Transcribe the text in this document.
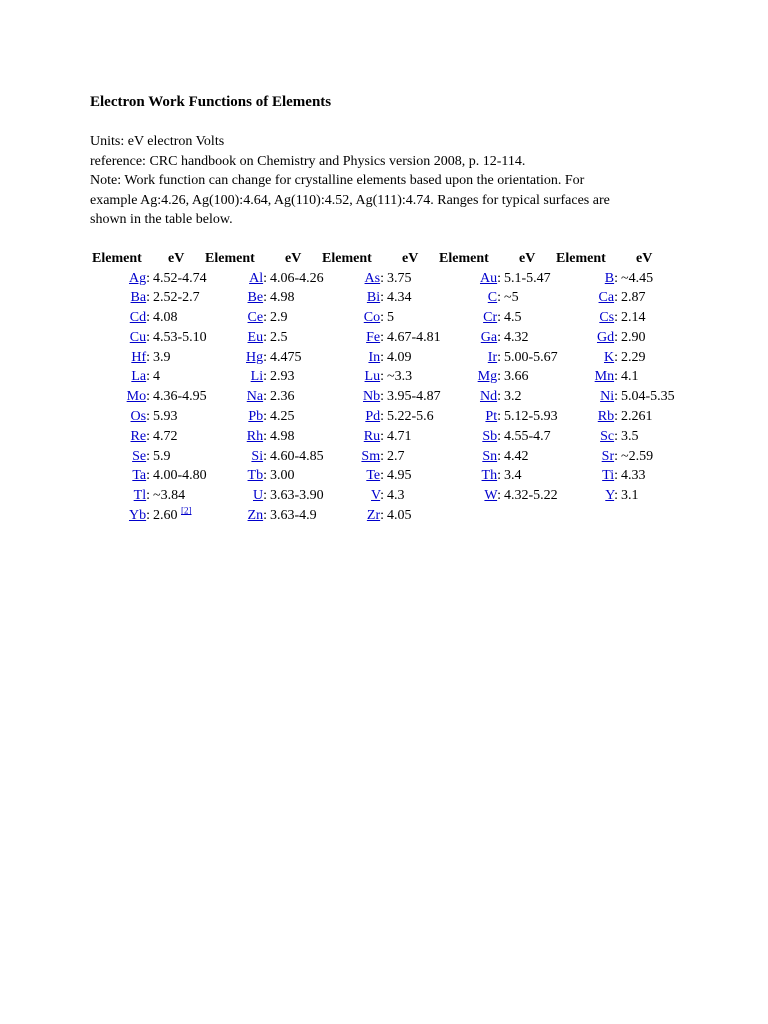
Electron Work Functions of Elements
Units: eV electron Volts
reference: CRC handbook on Chemistry and Physics version 2008, p. 12-114.
Note: Work function can change for crystalline elements based upon the orientation. For
example Ag:4.26, Ag(100):4.64, Ag(110):4.52, Ag(111):4.74. Ranges for typical surfaces are
shown in the table below.
Element	eV	Element	eV	Element	eV	Element	eV	Element	eV
Ag: 4.52-4.74	Al: 4.06-4.26	As: 3.75	Au: 5.1-5.47	B: ~4.45
Ba: 2.52-2.7	Be: 4.98	Bi: 4.34	C: ~5	Ca: 2.87
Cd: 4.08	Ce: 2.9	Co: 5	Cr: 4.5	Cs: 2.14
Cu: 4.53-5.10	Eu: 2.5	Fe: 4.67-4.81	Ga: 4.32	Gd: 2.90
Hf: 3.9	Hg: 4.475	In: 4.09	Ir: 5.00-5.67	K: 2.29
La: 4	Li: 2.93	Lu: ~3.3	Mg: 3.66	Mn: 4.1
Mo: 4.36-4.95	Na: 2.36	Nb: 3.95-4.87	Nd: 3.2	Ni: 5.04-5.35
Os: 5.93	Pb: 4.25	Pd: 5.22-5.6	Pt: 5.12-5.93	Rb: 2.261
Re: 4.72	Rh: 4.98	Ru: 4.71	Sb: 4.55-4.7	Sc: 3.5
Se: 5.9	Si: 4.60-4.85	Sm: 2.7	Sn: 4.42	Sr: ~2.59
Ta: 4.00-4.80	Tb: 3.00	Te: 4.95	Th: 3.4	Ti: 4.33
Tl: ~3.84	U: 3.63-3.90	V: 4.3	W: 4.32-5.22	Y: 3.1
Yb: 2.60 [2]	Zn: 3.63-4.9	Zr: 4.05
